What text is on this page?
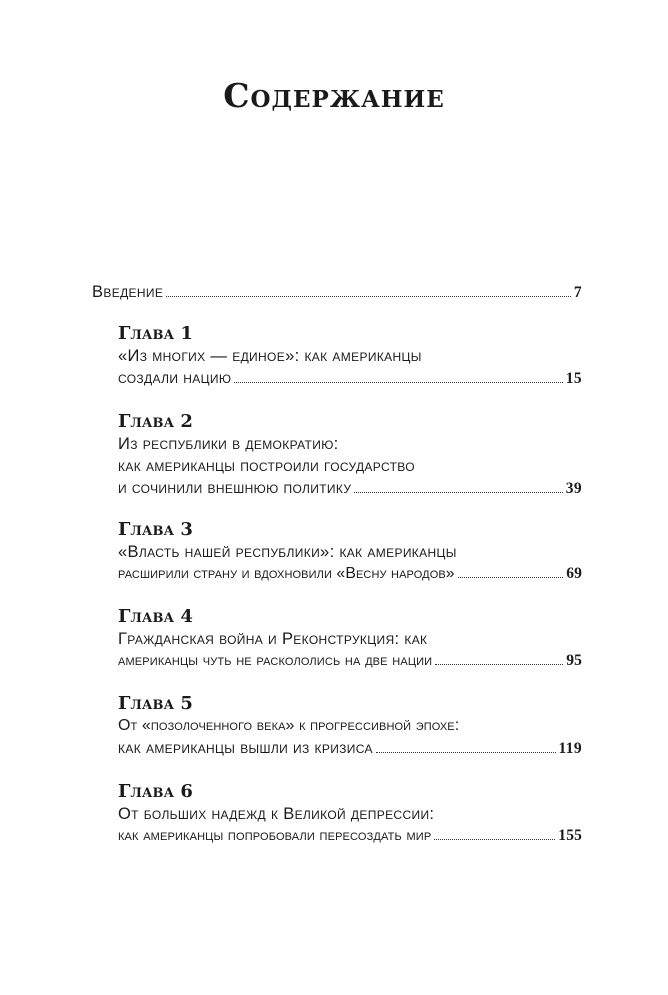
Содержание
Введение	7
Глава 1
«Из многих — единое»: как американцы
создали нацию	15
Глава 2
Из республики в демократию:
как американцы построили государство
и сочинили внешнюю политику	39
Глава 3
«Власть нашей республики»: как американцы
расширили страну и вдохновили «Весну народов»	69
Глава 4
Гражданская война и Реконструкция: как
американцы чуть не раскололись на две нации	95
Глава 5
От «позолоченного века» к прогрессивной эпохе:
как американцы вышли из кризиса	119
Глава 6
От больших надежд к Великой депрессии:
как американцы попробовали пересоздать мир	155
